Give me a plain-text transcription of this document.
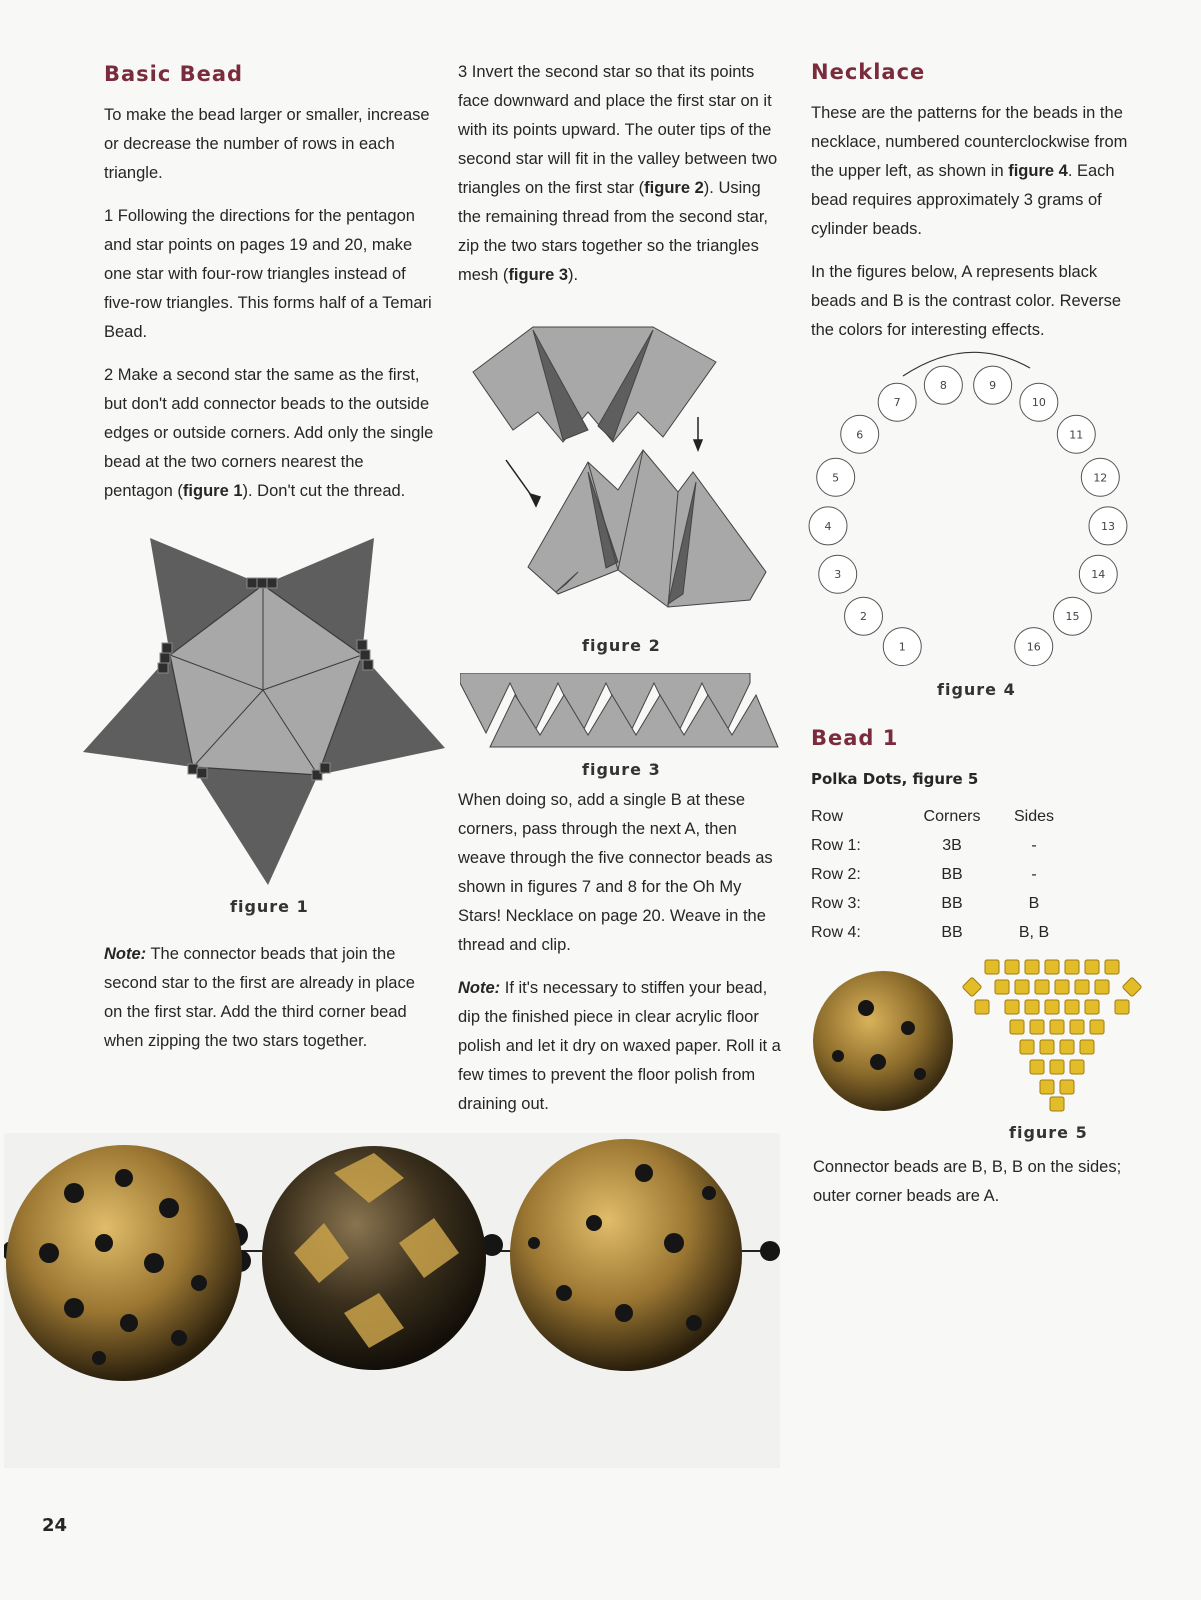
Basic Bead

To make the bead larger or smaller, increase or decrease the number of rows in each triangle.

1 Following the directions for the pentagon and star points on pages 19 and 20, make one star with four-row triangles instead of five-row triangles. This forms half of a Temari Bead.

2 Make a second star the same as the first, but don't add connector beads to the outside edges or outside corners. Add only the single bead at the two corners nearest the pentagon (figure 1). Don't cut the thread.

figure 1

Note: The connector beads that join the second star to the first are already in place on the first star. Add the third corner bead when zipping the two stars together.

3 Invert the second star so that its points face downward and place the first star on it with its points upward. The outer tips of the second star will fit in the valley between two triangles on the first star (figure 2). Using the remaining thread from the second star, zip the two stars together so the triangles mesh (figure 3).

figure 2
figure 3

When doing so, add a single B at these corners, pass through the next A, then weave through the five connector beads as shown in figures 7 and 8 for the Oh My Stars! Necklace on page 20. Weave in the thread and clip.

Note: If it's necessary to stiffen your bead, dip the finished piece in clear acrylic floor polish and let it dry on waxed paper. Roll it a few times to prevent the floor polish from draining out.

Necklace

These are the patterns for the beads in the necklace, numbered counterclockwise from the upper left, as shown in figure 4. Each bead requires approximately 3 grams of cylinder beads.

In the figures below, A represents black beads and B is the contrast color. Reverse the colors for interesting effects.

1
2
3
4
5
6
7
8	9
10
11
12
13
14
15
16
figure 4
Bead 1
Polka Dots, figure 5
Row	Corners	Sides
Row 1:	3B	-
Row 2:	BB	-
Row 3:	BB	B
Row 4:	BB	B, B
figure 5

Connector beads are B, B, B on the sides; outer corner beads are A.

24
